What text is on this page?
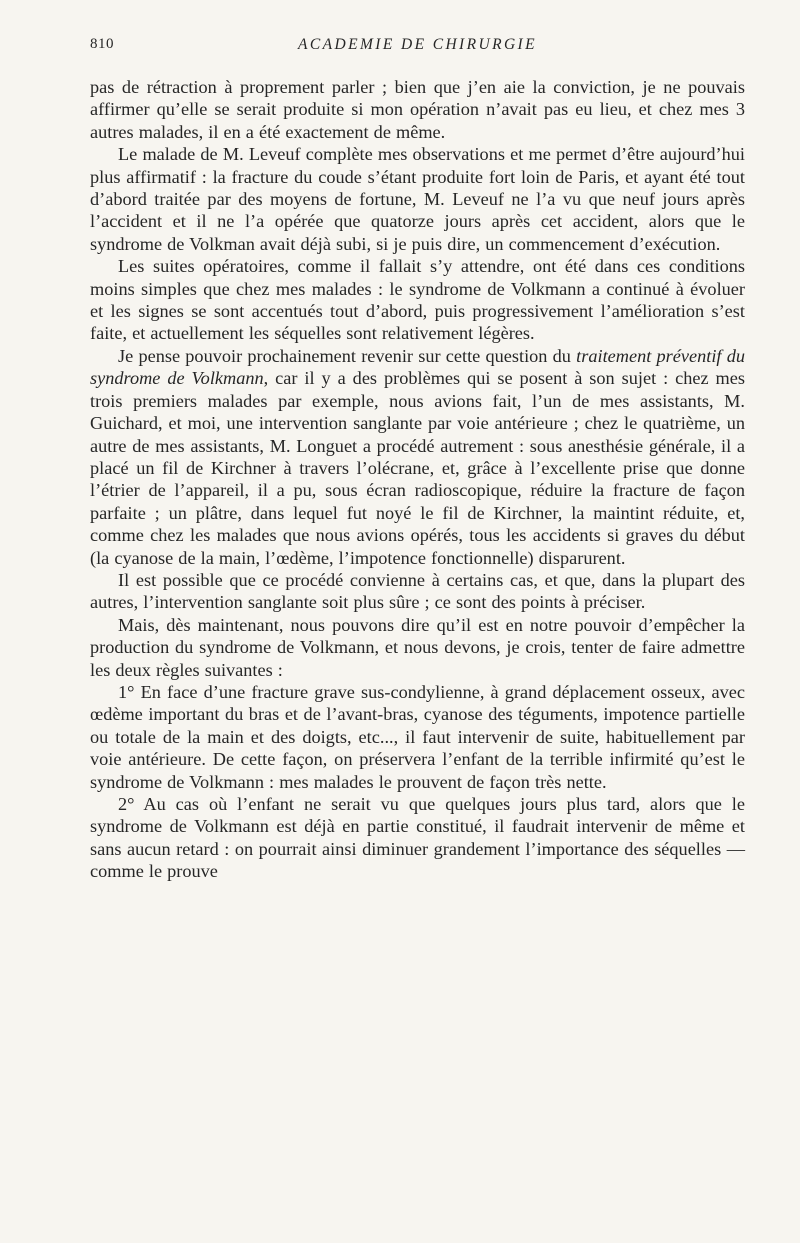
810	ACADEMIE DE CHIRURGIE

pas de rétraction à proprement parler ; bien que j’en aie la conviction, je ne pouvais affirmer qu’elle se serait produite si mon opération n’avait pas eu lieu, et chez mes 3 autres malades, il en a été exactement de même.

Le malade de M. Leveuf complète mes observations et me permet d’être aujourd’hui plus affirmatif : la fracture du coude s’étant produite fort loin de Paris, et ayant été tout d’abord traitée par des moyens de fortune, M. Leveuf ne l’a vu que neuf jours après l’accident et il ne l’a opérée que quatorze jours après cet accident, alors que le syndrome de Volkman avait déjà subi, si je puis dire, un commencement d’exécution.

Les suites opératoires, comme il fallait s’y attendre, ont été dans ces conditions moins simples que chez mes malades : le syndrome de Volkmann a continué à évoluer et les signes se sont accentués tout d’abord, puis progressivement l’amélioration s’est faite, et actuellement les séquelles sont relativement légères.

Je pense pouvoir prochainement revenir sur cette question du traitement préventif du syndrome de Volkmann, car il y a des problèmes qui se posent à son sujet : chez mes trois premiers malades par exemple, nous avions fait, l’un de mes assistants, M. Guichard, et moi, une intervention sanglante par voie antérieure ; chez le quatrième, un autre de mes assistants, M. Longuet a procédé autrement : sous anesthésie générale, il a placé un fil de Kirchner à travers l’olécrane, et, grâce à l’excellente prise que donne l’étrier de l’appareil, il a pu, sous écran radioscopique, réduire la fracture de façon parfaite ; un plâtre, dans lequel fut noyé le fil de Kirchner, la maintint réduite, et, comme chez les malades que nous avions opérés, tous les accidents si graves du début (la cyanose de la main, l’œdème, l’impotence fonctionnelle) disparurent.

Il est possible que ce procédé convienne à certains cas, et que, dans la plupart des autres, l’intervention sanglante soit plus sûre ; ce sont des points à préciser.

Mais, dès maintenant, nous pouvons dire qu’il est en notre pouvoir d’empêcher la production du syndrome de Volkmann, et nous devons, je crois, tenter de faire admettre les deux règles suivantes :

1° En face d’une fracture grave sus-condylienne, à grand déplacement osseux, avec œdème important du bras et de l’avant-bras, cyanose des téguments, impotence partielle ou totale de la main et des doigts, etc..., il faut intervenir de suite, habituellement par voie antérieure. De cette façon, on préservera l’enfant de la terrible infirmité qu’est le syndrome de Volkmann : mes malades le prouvent de façon très nette.

2° Au cas où l’enfant ne serait vu que quelques jours plus tard, alors que le syndrome de Volkmann est déjà en partie constitué, il faudrait intervenir de même et sans aucun retard : on pourrait ainsi diminuer grandement l’importance des séquelles — comme le prouve
